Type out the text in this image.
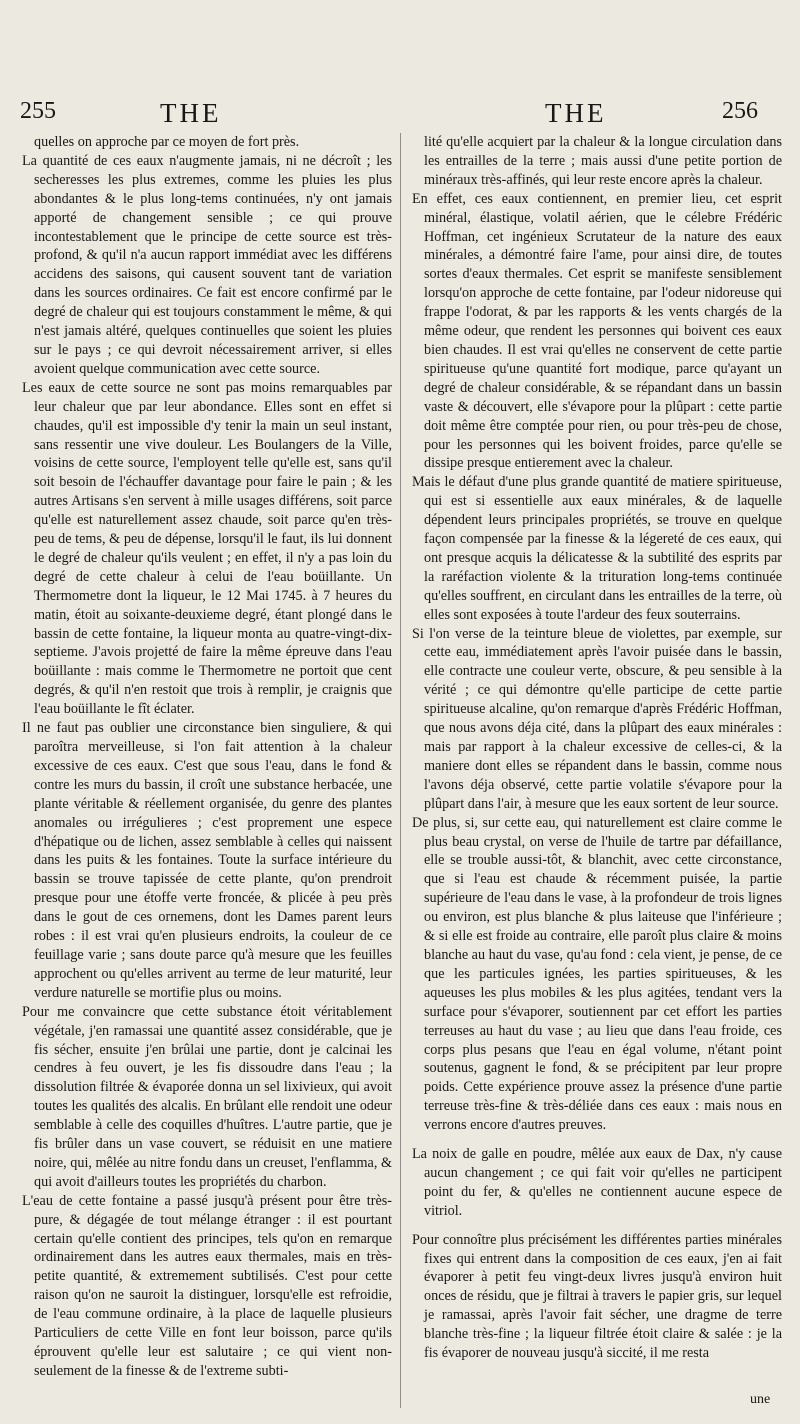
255	THE	THE	256

quelles on approche par ce moyen de fort près.

La quantité de ces eaux n'augmente jamais, ni ne décroît ; les secheresses les plus extremes, comme les pluies les plus abondantes & le plus long-tems continuées, n'y ont jamais apporté de changement sensible ; ce qui prouve incontestablement que le principe de cette source est très-profond, & qu'il n'a aucun rapport immédiat avec les différens accidens des saisons, qui causent souvent tant de variation dans les sources ordinaires. Ce fait est encore confirmé par le degré de chaleur qui est toujours constamment le même, & qui n'est jamais altéré, quelques continuelles que soient les pluies sur le pays ; ce qui devroit nécessairement arriver, si elles avoient quelque communication avec cette source.

Les eaux de cette source ne sont pas moins remarquables par leur chaleur que par leur abondance. Elles sont en effet si chaudes, qu'il est impossible d'y tenir la main un seul instant, sans ressentir une vive douleur. Les Boulangers de la Ville, voisins de cette source, l'employent telle qu'elle est, sans qu'il soit besoin de l'échauffer davantage pour faire le pain ; & les autres Artisans s'en servent à mille usages différens, soit parce qu'elle est naturellement assez chaude, soit parce qu'en très-peu de tems, & peu de dépense, lorsqu'il le faut, ils lui donnent le degré de chaleur qu'ils veulent ; en effet, il n'y a pas loin du degré de cette chaleur à celui de l'eau boüillante. Un Thermometre dont la liqueur, le 12 Mai 1745. à 7 heures du matin, étoit au soixante-deuxieme degré, étant plongé dans le bassin de cette fontaine, la liqueur monta au quatre-vingt-dix-septieme. J'avois projetté de faire la même épreuve dans l'eau boüillante : mais comme le Thermometre ne portoit que cent degrés, & qu'il n'en restoit que trois à remplir, je craignis que l'eau boüillante le fît éclater.

Il ne faut pas oublier une circonstance bien singuliere, & qui paroîtra merveilleuse, si l'on fait attention à la chaleur excessive de ces eaux. C'est que sous l'eau, dans le fond & contre les murs du bassin, il croît une substance herbacée, une plante véritable & réellement organisée, du genre des plantes anomales ou irrégulieres ; c'est proprement une espece d'hépatique ou de lichen, assez semblable à celles qui naissent dans les puits & les fontaines. Toute la surface intérieure du bassin se trouve tapissée de cette plante, qu'on prendroit presque pour une étoffe verte froncée, & plicée à peu près dans le gout de ces ornemens, dont les Dames parent leurs robes : il est vrai qu'en plusieurs endroits, la couleur de ce feuillage varie ; sans doute parce qu'à mesure que les feuilles approchent ou qu'elles arrivent au terme de leur maturité, leur verdure naturelle se mortifie plus ou moins.

Pour me convaincre que cette substance étoit véritablement végétale, j'en ramassai une quantité assez considérable, que je fis sécher, ensuite j'en brûlai une partie, dont je calcinai les cendres à feu ouvert, je les fis dissoudre dans l'eau ; la dissolution filtrée & évaporée donna un sel lixivieux, qui avoit toutes les qualités des alcalis. En brûlant elle rendoit une odeur semblable à celle des coquilles d'huîtres. L'autre partie, que je fis brûler dans un vase couvert, se réduisit en une matiere noire, qui, mêlée au nitre fondu dans un creuset, l'enflamma, & qui avoit d'ailleurs toutes les propriétés du charbon.

L'eau de cette fontaine a passé jusqu'à présent pour être très-pure, & dégagée de tout mélange étranger : il est pourtant certain qu'elle contient des principes, tels qu'on en remarque ordinairement dans les autres eaux thermales, mais en très-petite quantité, & extremement subtilisés. C'est pour cette raison qu'on ne sauroit la distinguer, lorsqu'elle est refroidie, de l'eau commune ordinaire, à la place de laquelle plusieurs Particuliers de cette Ville en font leur boisson, parce qu'ils éprouvent qu'elle leur est salutaire ; ce qui vient non-seulement de la finesse & de l'extreme subti-

lité qu'elle acquiert par la chaleur & la longue circulation dans les entrailles de la terre ; mais aussi d'une petite portion de minéraux très-affinés, qui leur reste encore après la chaleur.

En effet, ces eaux contiennent, en premier lieu, cet esprit minéral, élastique, volatil aérien, que le célebre Frédéric Hoffman, cet ingénieux Scrutateur de la nature des eaux minérales, a démontré faire l'ame, pour ainsi dire, de toutes sortes d'eaux thermales. Cet esprit se manifeste sensiblement lorsqu'on approche de cette fontaine, par l'odeur nidoreuse qui frappe l'odorat, & par les rapports & les vents chargés de la même odeur, que rendent les personnes qui boivent ces eaux bien chaudes. Il est vrai qu'elles ne conservent de cette partie spiritueuse qu'une quantité fort modique, parce qu'ayant un degré de chaleur considérable, & se répandant dans un bassin vaste & découvert, elle s'évapore pour la plûpart : cette partie doit même être comptée pour rien, ou pour très-peu de chose, pour les personnes qui les boivent froides, parce qu'elle se dissipe presque entierement avec la chaleur.

Mais le défaut d'une plus grande quantité de matiere spiritueuse, qui est si essentielle aux eaux minérales, & de laquelle dépendent leurs principales propriétés, se trouve en quelque façon compensée par la finesse & la légereté de ces eaux, qui ont presque acquis la délicatesse & la subtilité des esprits par la raréfaction violente & la trituration long-tems continuée qu'elles souffrent, en circulant dans les entrailles de la terre, où elles sont exposées à toute l'ardeur des feux souterrains.

Si l'on verse de la teinture bleue de violettes, par exemple, sur cette eau, immédiatement après l'avoir puisée dans le bassin, elle contracte une couleur verte, obscure, & peu sensible à la vérité ; ce qui démontre qu'elle participe de cette partie spiritueuse alcaline, qu'on remarque d'après Frédéric Hoffman, que nous avons déja cité, dans la plûpart des eaux minérales : mais par rapport à la chaleur excessive de celles-ci, & la maniere dont elles se répandent dans le bassin, comme nous l'avons déja observé, cette partie volatile s'évapore pour la plûpart dans l'air, à mesure que les eaux sortent de leur source.

De plus, si, sur cette eau, qui naturellement est claire comme le plus beau crystal, on verse de l'huile de tartre par défaillance, elle se trouble aussi-tôt, & blanchit, avec cette circonstance, que si l'eau est chaude & récemment puisée, la partie supérieure de l'eau dans le vase, à la profondeur de trois lignes ou environ, est plus blanche & plus laiteuse que l'inférieure ; & si elle est froide au contraire, elle paroît plus claire & moins blanche au haut du vase, qu'au fond : cela vient, je pense, de ce que les particules ignées, les parties spiritueuses, & les aqueuses les plus mobiles & les plus agitées, tendant vers la surface pour s'évaporer, soutiennent par cet effort les parties terreuses au haut du vase ; au lieu que dans l'eau froide, ces corps plus pesans que l'eau en égal volume, n'étant point soutenus, gagnent le fond, & se précipitent par leur propre poids. Cette expérience prouve assez la présence d'une partie terreuse très-fine & très-déliée dans ces eaux : mais nous en verrons encore d'autres preuves.

La noix de galle en poudre, mêlée aux eaux de Dax, n'y cause aucun changement ; ce qui fait voir qu'elles ne participent point du fer, & qu'elles ne contiennent aucune espece de vitriol.

Pour connoître plus précisément les différentes parties minérales fixes qui entrent dans la composition de ces eaux, j'en ai fait évaporer à petit feu vingt-deux livres jusqu'à environ huit onces de résidu, que je filtrai à travers le papier gris, sur lequel je ramassai, après l'avoir fait sécher, une dragme de terre blanche très-fine ; la liqueur filtrée étoit claire & salée : je la fis évaporer de nouveau jusqu'à siccité, il me resta

une
